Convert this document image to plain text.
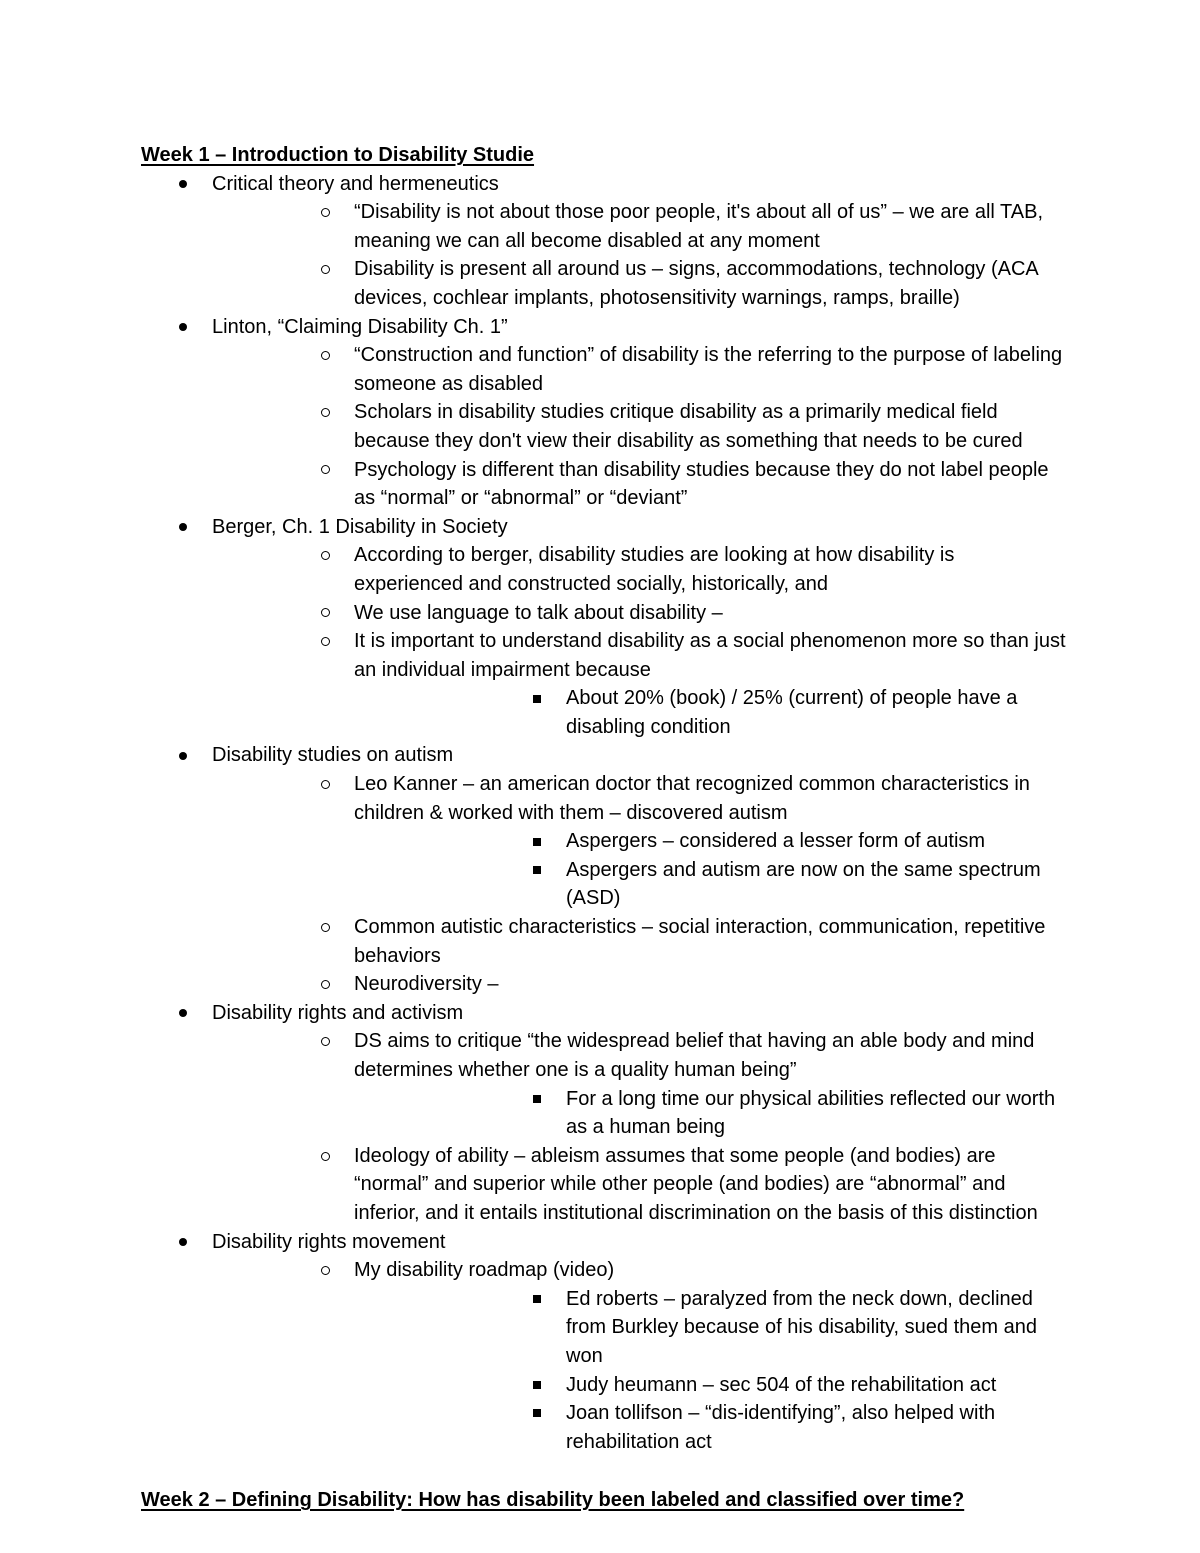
Week 1 – Introduction to Disability Studie
Critical theory and hermeneutics
“Disability is not about those poor people, it's about all of us” – we are all TAB, meaning we can all become disabled at any moment
Disability is present all around us – signs, accommodations, technology (ACA devices, cochlear implants, photosensitivity warnings, ramps, braille)
Linton, “Claiming Disability Ch. 1”
“Construction and function” of disability is the referring to the purpose of labeling someone as disabled
Scholars in disability studies critique disability as a primarily medical field because they don't view their disability as something that needs to be cured
Psychology is different than disability studies because they do not label people as “normal” or “abnormal” or “deviant”
Berger, Ch. 1 Disability in Society
According to berger, disability studies are looking at how disability is experienced and constructed socially, historically, and
We use language to talk about disability –
It is important to understand disability as a social phenomenon more so than just an individual impairment because
About 20% (book) / 25% (current) of people have a disabling condition
Disability studies on autism
Leo Kanner – an american doctor that recognized common characteristics in children & worked with them – discovered autism
Aspergers – considered a lesser form of autism
Aspergers and autism are now on the same spectrum (ASD)
Common autistic characteristics – social interaction, communication, repetitive behaviors
Neurodiversity –
Disability rights and activism
DS aims to critique “the widespread belief that having an able body and mind determines whether one is a quality human being”
For a long time our physical abilities reflected our worth as a human being
Ideology of ability – ableism assumes that some people (and bodies) are “normal” and superior while other people (and bodies) are “abnormal” and inferior, and it entails institutional discrimination on the basis of this distinction
Disability rights movement
My disability roadmap (video)
Ed roberts – paralyzed from the neck down, declined from Burkley because of his disability, sued them and won
Judy heumann – sec 504 of the rehabilitation act
Joan tollifson – “dis-identifying”, also helped with rehabilitation act
Week 2 – Defining Disability: How has disability been labeled and classified over time?
